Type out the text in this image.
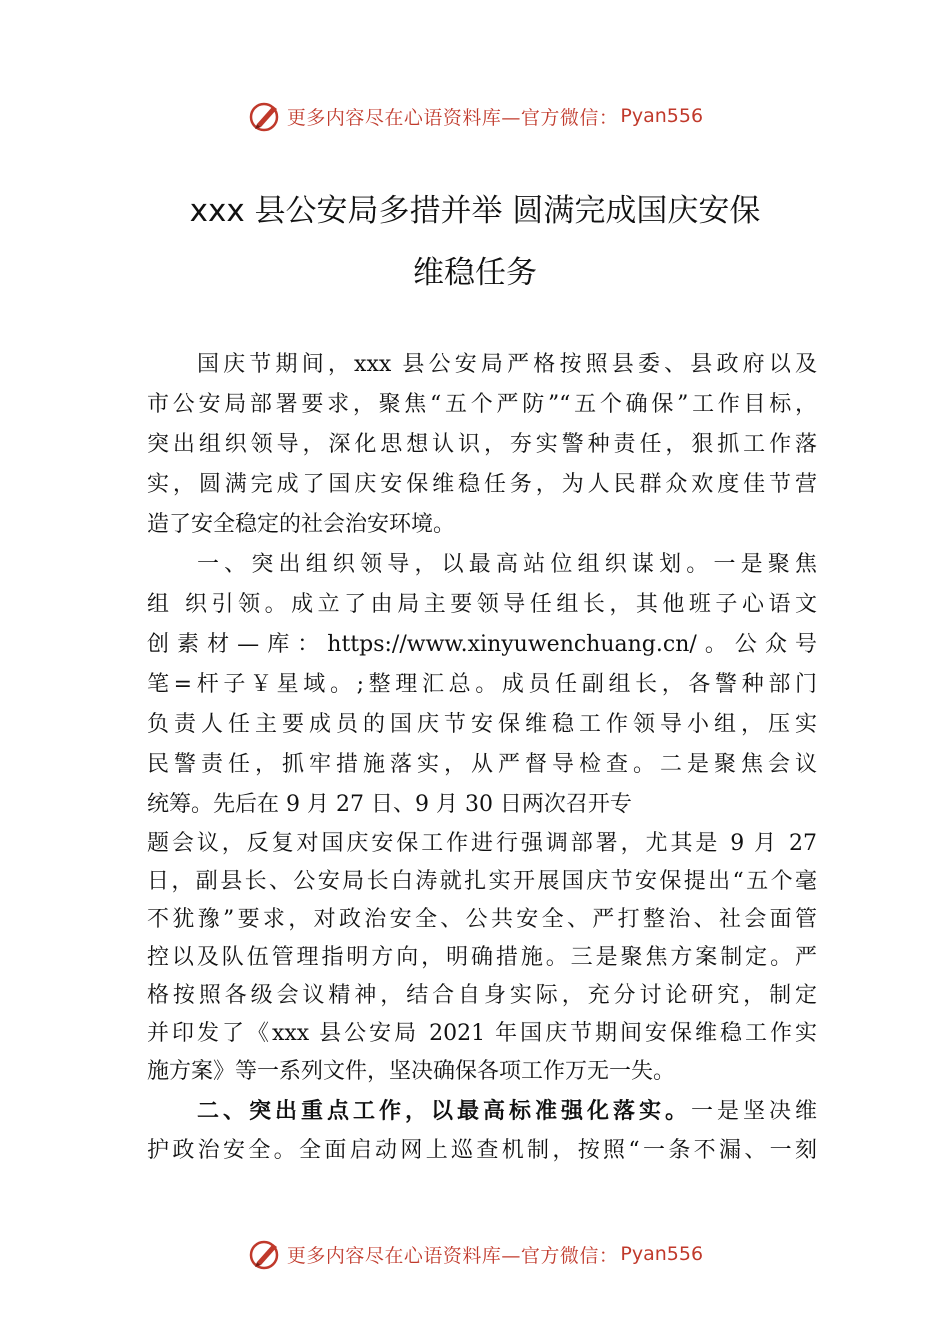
更多内容尽在心语资料库—官方微信： Pyan556
xxx 县公安局多措并举 圆满完成国庆安保
维稳任务
国庆节期间，xxx 县公安局严格按照县委、县政府以及
市公安局部署要求，聚焦“五个严防”“五个确保”工作目标，
突出组织领导，深化思想认识，夯实警种责任，狠抓工作落
实，圆满完成了国庆安保维稳任务，为人民群众欢度佳节营
造了安全稳定的社会治安环境。
一、突出组织领导，以最高站位组织谋划。一是聚焦
组 织引领。成立了由局主要领导任组长，其他班子心语文
创素材—库：https://www.xinyuwenchuang.cn/。公众号
笔=杆子￥星域。;整理汇总。成员任副组长，各警种部门
负责人任主要成员的国庆节安保维稳工作领导小组，压实
民警责任，抓牢措施落实，从严督导检查。二是聚焦会议
统筹。先后在 9 月 27 日、9 月 30 日两次召开专
题会议，反复对国庆安保工作进行强调部署，尤其是 9 月 27
日，副县长、公安局长白涛就扎实开展国庆节安保提出“五个毫
不犹豫”要求，对政治安全、公共安全、严打整治、社会面管
控以及队伍管理指明方向，明确措施。三是聚焦方案制定。严
格按照各级会议精神，结合自身实际，充分讨论研究，制定
并印发了《xxx 县公安局 2021 年国庆节期间安保维稳工作实
施方案》等一系列文件，坚决确保各项工作万无一失。
二、突出重点工作，以最高标准强化落实。一是坚决维
护政治安全。全面启动网上巡查机制，按照“一条不漏、一刻
更多内容尽在心语资料库—官方微信： Pyan556
